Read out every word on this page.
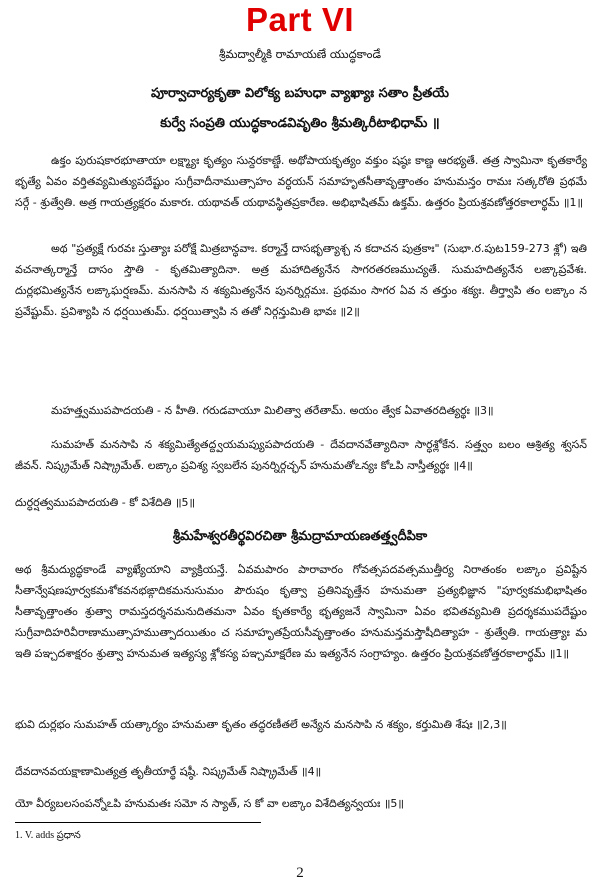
Part VI
శ్రీమద్వాల్మీకి రామాయణే యుద్ధకాండే
పూర్వాచార్యకృతా విలోక్య బహుధా వ్యాఖ్యాః సతాం ప్రీతయే
కుర్వే సంప్రతి యుద్ధకాండవివృతిం శ్రీమత్కిరీటాభిధామ్ ॥
ఉక్తం పురుషకారభూతాయా లక్ష్మ్యాః కృత్యం సున్దరకాణ్డే. అథోపాయకృత్యం వక్తుం షష్ఠః కాణ్డ ఆరభ్యతే. తత్ర స్వామినా కృతకార్యే భృత్యే ఏవం వర్తితవ్యమిత్యుపదేష్టుం సుగ్రీవాదీనాముత్సాహం వర్ధయన్ సమాహృతసీతావృత్తాంతం హనుమన్తం రామః సత్కరోతి ప్రథమే సర్గే - శ్రుత్వేతి. అత్ర గాయత్ర్యక్షరం మకారః. యథావత్ యథావస్థితప్రకారేణ. అభిభాషితమ్ ఉక్తమ్. ఉత్తరం ప్రియశ్రవణోత్తరకాలార్థమ్ ॥1॥
అథ "ప్రత్యక్షే గురవః స్తుత్యాః పరోక్షే మిత్రబాన్ధవాః. కర్మాన్తే దాసభృత్యాశ్చ న కదాచన పుత్రకాః" (సుభా.ర.పుట159-273 శ్లో) ఇతి వచనాత్కర్మాన్తే దాసం స్తౌతి - కృతమిత్యాదినా. అత్ర మహాదిత్యనేన సాగరతరణముచ్యతే. సుమహదిత్యనేన లఙ్కాప్రవేశః. దుర్లభమిత్యనేన లఙ్కాఘర్షణమ్. మనసాపి న శక్యమిత్యనేన పునర్నిర్గమః. ప్రథమం సాగర ఏవ న తర్తుం శక్యః. తీర్త్వాపి తం లఙ్కాం న ప్రవేష్టుమ్. ప్రవిశ్యాపి న ధర్షయితుమ్. ధర్షయిత్వాపి న తతో నిర్గన్తుమితి భావః ॥2॥
మహత్త్వముపపాదయతి - న హీతి. గరుడవాయూ మిలిత్వా తరేతామ్. అయం త్వేక ఏవాతరదిత్యర్థః ॥3॥
సుమహత్ మనసాపి న శక్యమిత్యేతద్ద్వయమప్యుపపాదయతి - దేవదానవేత్యాదినా సార్ధశ్లోకేన. సత్త్వం బలం ఆశ్రిత్య శ్వసన్ జీవన్. నిష్క్రమేత్ నిష్క్రామేత్. లఙ్కాం ప్రవిశ్య స్వబలేన పునర్నిర్గచ్ఛన్ హనుమతోఽన్యః కోఽపి నాస్తీత్యర్థః ॥4॥
దుర్ధర్షత్వముపపాదయతి - కో విశేదితి ॥5॥
శ్రీమహేశ్వరతీర్థవిరచితా శ్రీమద్రామాయణతత్త్వదీపికా
అథ శ్రీమద్యుద్ధకాండే వ్యాఖ్యేయాని వ్యాక్రియన్తే. ఏవమపారం పారావారం గోవత్సపదవత్సముత్తీర్య నిరాతంకం లఙ్కాం ప్రవిష్టేన సీతాన్వేషణపూర్వకమశోకవనభఙ్గాదికమనుసుమం పౌరుషం కృత్వా ప్రతినివృత్తేన హనుమతా ప్రత్యభిజ్ఞాన "పూర్వకమభిభాషితం సీతావృత్తాంతం శ్రుత్వా రామస్తదర్శనమనుదితమనా ఏవం కృతకార్యే భృత్యజనే స్వామినా ఏవం భవితవ్యమితి ప్రదర్శకముపదేష్టుం సుగ్రీవాదిహరివీరాణాముత్సాహముత్పాదయితుం చ సమాహృతప్రేయసీవృత్తాంతం హనుమన్తమస్తౌషీదిత్యాహ - శ్రుత్వేతి. గాయత్ర్యాః మ ఇతి పఞ్చదశాక్షరం శ్రుత్వా హనుమత ఇత్యస్య శ్లోకస్య పఞ్చమాక్షరేణ మ ఇత్యనేన సంగ్రాహ్యం. ఉత్తరం ప్రియశ్రవణోత్తరకాలార్థమ్ ॥1॥
భువి దుర్లభం సుమహత్ యత్కార్యం హనుమతా కృతం తద్ధరణీతలే అన్యేన మనసాపి న శక్యం, కర్తుమితి శేషః ॥2,3॥
దేవదానవయక్షాణామిత్యత్ర తృతీయార్థే షష్ఠీ. నిష్క్రమేత్ నిష్క్రామేత్ ॥4॥
యో వీర్యబలసంపన్నోఽపి హనుమతః సమో న స్యాత్, స కో వా లఙ్కాం విశేదిత్యన్వయః ॥5॥
1. V. adds ప్రధాన
2
